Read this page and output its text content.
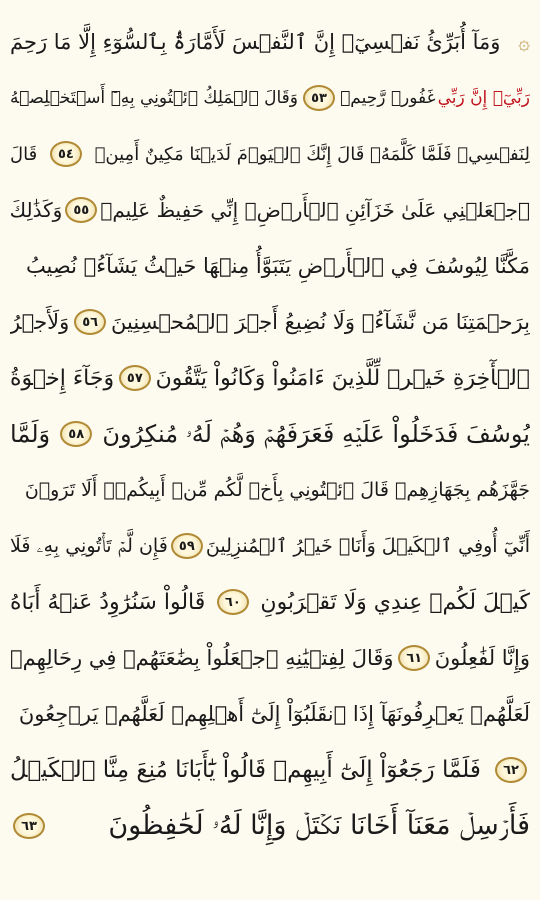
۞
وَمَآ أُبَرِّئُ نَفۡسِيٓۚ إِنَّ ٱلنَّفۡسَ لَأَمَّارَةُۢ بِٱلسُّوٓءِ إِلَّا مَا رَحِمَ
رَبِّيٓۚ إِنَّ رَبِّي
غَفُورٞ رَّحِيمٞ
٥٣
وَقَالَ ٱلۡمَلِكُ ٱئۡتُونِي بِهِۦٓ أَسۡتَخۡلِصۡهُ
لِنَفۡسِيۖ فَلَمَّا كَلَّمَهُۥ قَالَ إِنَّكَ ٱلۡيَوۡمَ لَدَيۡنَا مَكِينٌ أَمِينٞ
٥٤
قَالَ
ٱجۡعَلۡنِي عَلَىٰ خَزَآئِنِ ٱلۡأَرۡضِۖ إِنِّي حَفِيظٌ عَلِيمٞ
٥٥
وَكَذَٰلِكَ
مَكَّنَّا لِيُوسُفَ فِي ٱلۡأَرۡضِ يَتَبَوَّأُ مِنۡهَا حَيۡثُ يَشَآءُۚ نُصِيبُ
بِرَحۡمَتِنَا مَن نَّشَآءُۖ وَلَا نُضِيعُ أَجۡرَ ٱلۡمُحۡسِنِينَ
٥٦
وَلَأَجۡرُ
ٱلۡأٓخِرَةِ خَيۡرٞ لِّلَّذِينَ ءَامَنُواْ وَكَانُواْ يَتَّقُونَ
٥٧
وَجَآءَ إِخۡوَةُ
يُوسُفَ فَدَخَلُواْ عَلَيۡهِ فَعَرَفَهُمۡ وَهُمۡ لَهُۥ مُنكِرُونَ
٥٨
وَلَمَّا
جَهَّزَهُم بِجَهَازِهِمۡ قَالَ ٱئۡتُونِي بِأَخٖ لَّكُم مِّنۡ أَبِيكُمۡۚ أَلَا تَرَوۡنَ
أَنِّيٓ أُوفِي ٱلۡكَيۡلَ وَأَنَا۠ خَيۡرُ ٱلۡمُنزِلِينَ
٥٩
فَإِن لَّمۡ تَأۡتُونِي بِهِۦ فَلَا
كَيۡلَ لَكُمۡ عِندِي وَلَا تَقۡرَبُونِ
٦٠
قَالُواْ سَنُرَٰوِدُ عَنۡهُ أَبَاهُ
وَإِنَّا لَفَٰعِلُونَ
٦١
وَقَالَ لِفِتۡيَٰنِهِ ٱجۡعَلُواْ بِضَٰعَتَهُمۡ فِي رِحَالِهِمۡ
لَعَلَّهُمۡ يَعۡرِفُونَهَآ إِذَا ٱنقَلَبُوٓاْ إِلَىٰٓ أَهۡلِهِمۡ لَعَلَّهُمۡ يَرۡجِعُونَ
٦٢
فَلَمَّا رَجَعُوٓاْ إِلَىٰٓ أَبِيهِمۡ قَالُواْ يَٰٓأَبَانَا مُنِعَ مِنَّا ٱلۡكَيۡلُ
فَأَرۡسِلۡ مَعَنَآ أَخَانَا نَكۡتَلۡ وَإِنَّا لَهُۥ لَحَٰفِظُونَ
٦٣
